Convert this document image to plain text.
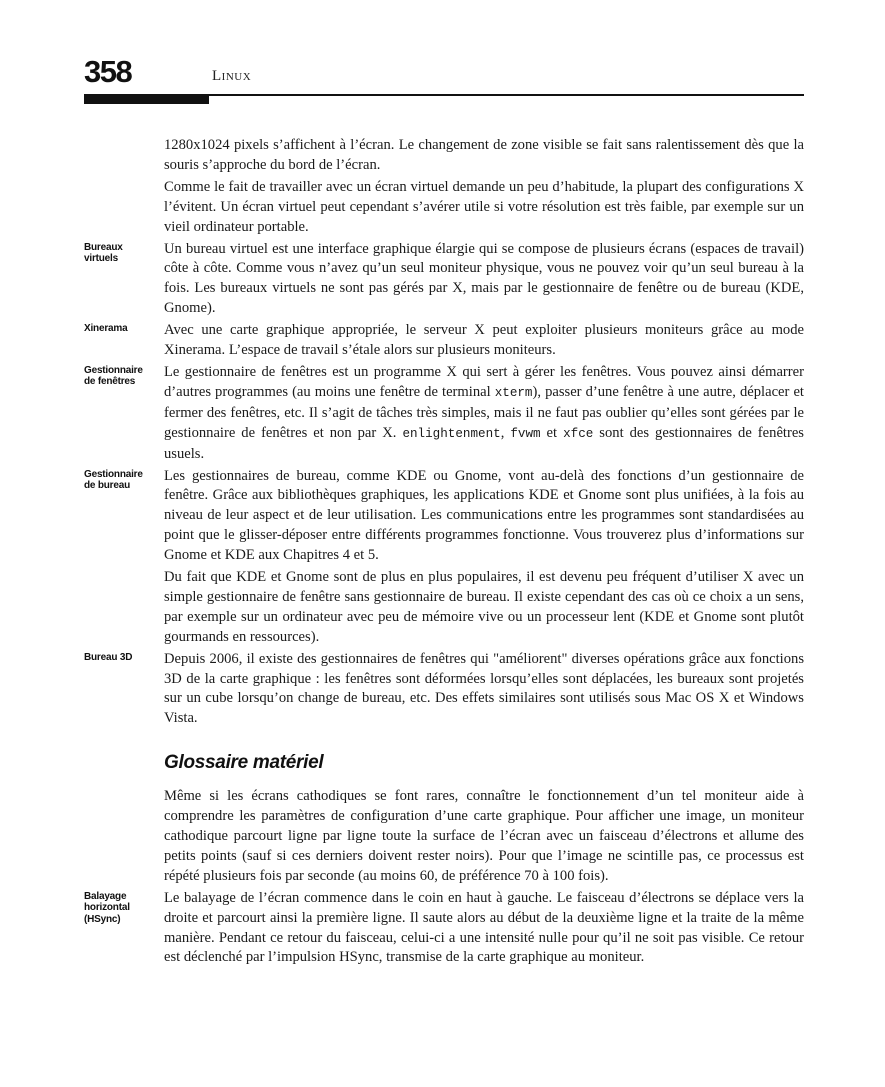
358	Linux

1280x1024 pixels s’affichent à l’écran. Le changement de zone visible se fait sans ralentissement dès que la souris s’approche du bord de l’écran.

Comme le fait de travailler avec un écran virtuel demande un peu d’habitude, la plupart des configurations X l’évitent. Un écran virtuel peut cependant s’avérer utile si votre résolution est très faible, par exemple sur un vieil ordinateur portable.

Bureaux virtuels
Un bureau virtuel est une interface graphique élargie qui se compose de plusieurs écrans (espaces de travail) côte à côte. Comme vous n’avez qu’un seul moniteur physique, vous ne pouvez voir qu’un seul bureau à la fois. Les bureaux virtuels ne sont pas gérés par X, mais par le gestionnaire de fenêtre ou de bureau (KDE, Gnome).
Xinerama	Avec une carte graphique appropriée, le serveur X peut exploiter plusieurs moniteurs grâce au mode Xinerama. L’espace de travail s’étale alors sur plusieurs moniteurs.
Gestionnaire de fenêtres
Le gestionnaire de fenêtres est un programme X qui sert à gérer les fenêtres. Vous pouvez ainsi démarrer d’autres programmes (au moins une fenêtre de terminal xterm), passer d’une fenêtre à une autre, déplacer et fermer des fenêtres, etc. Il s’agit de tâches très simples, mais il ne faut pas oublier qu’elles sont gérées par le gestionnaire de fenêtres et non par X. enlightenment, fvwm et xfce sont des gestionnaires de fenêtres usuels.
Gestionnaire de bureau
Les gestionnaires de bureau, comme KDE ou Gnome, vont au-delà des fonctions d’un gestionnaire de fenêtre. Grâce aux bibliothèques graphiques, les applications KDE et Gnome sont plus unifiées, à la fois au niveau de leur aspect et de leur utilisation. Les communications entre les programmes sont standardisées au point que le glisser-déposer entre différents programmes fonctionne. Vous trouverez plus d’informations sur Gnome et KDE aux Chapitres 4 et 5.

Du fait que KDE et Gnome sont de plus en plus populaires, il est devenu peu fréquent d’utiliser X avec un simple gestionnaire de fenêtre sans gestionnaire de bureau. Il existe cependant des cas où ce choix a un sens, par exemple sur un ordinateur avec peu de mémoire vive ou un processeur lent (KDE et Gnome sont plutôt gourmands en ressources).

Bureau 3D	Depuis 2006, il existe des gestionnaires de fenêtres qui "améliorent" diverses opérations grâce aux fonctions 3D de la carte graphique : les fenêtres sont déformées lorsqu’elles sont déplacées, les bureaux sont projetés sur un cube lorsqu’on change de bureau, etc. Des effets similaires sont utilisés sous Mac OS X et Windows Vista.
Glossaire matériel

Même si les écrans cathodiques se font rares, connaître le fonctionnement d’un tel moniteur aide à comprendre les paramètres de configuration d’une carte graphique. Pour afficher une image, un moniteur cathodique parcourt ligne par ligne toute la surface de l’écran avec un faisceau d’électrons et allume des petits points (sauf si ces derniers doivent rester noirs). Pour que l’image ne scintille pas, ce processus est répété plusieurs fois par seconde (au moins 60, de préférence 70 à 100 fois).

Balayage horizontal (HSync)
Le balayage de l’écran commence dans le coin en haut à gauche. Le faisceau d’électrons se déplace vers la droite et parcourt ainsi la première ligne. Il saute alors au début de la deuxième ligne et la traite de la même manière. Pendant ce retour du faisceau, celui-ci a une intensité nulle pour qu’il ne soit pas visible. Ce retour est déclenché par l’impulsion HSync, transmise de la carte graphique au moniteur.
